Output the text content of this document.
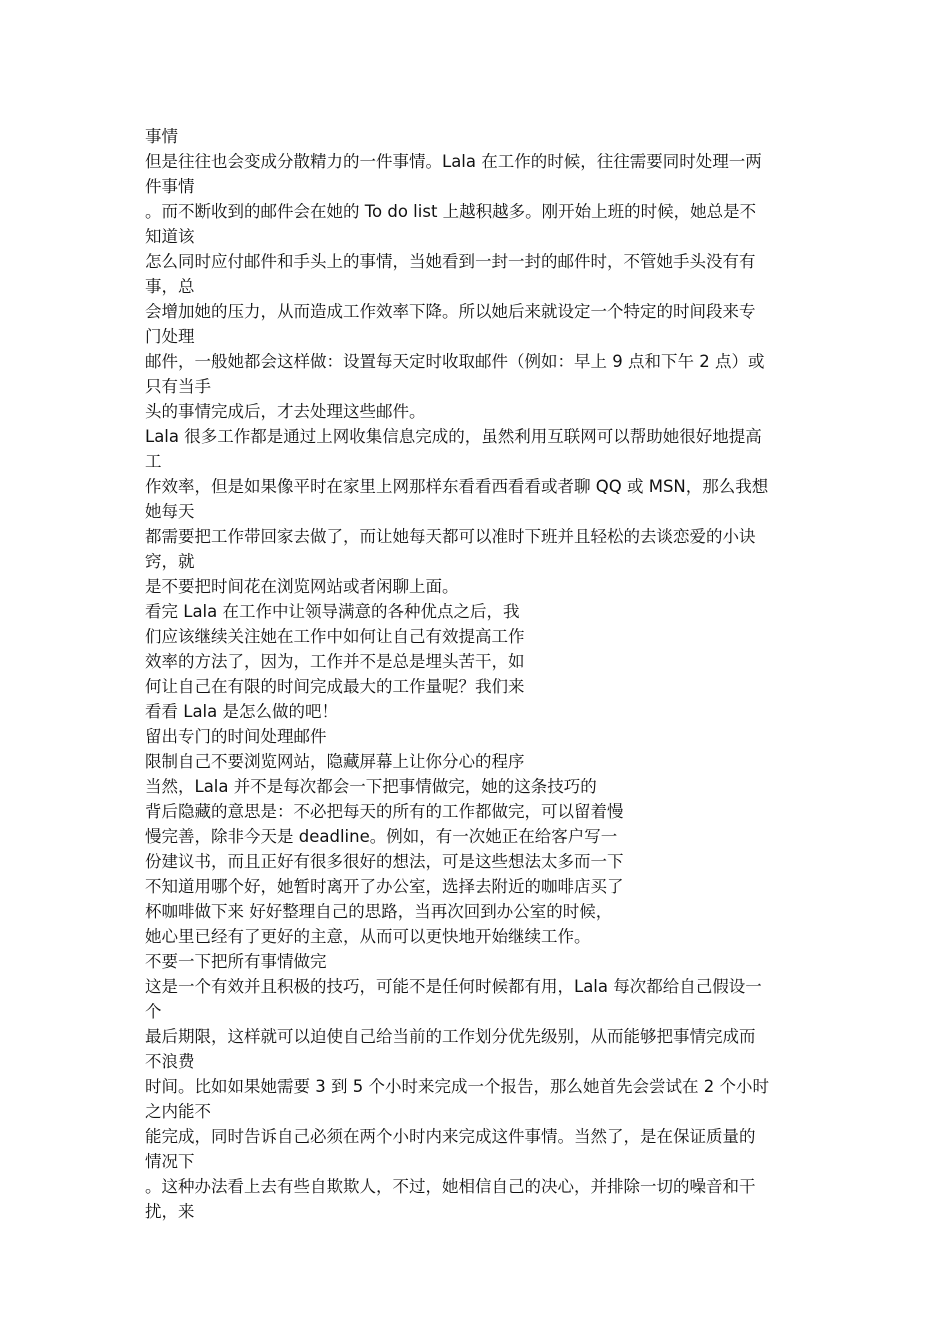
事情
但是往往也会变成分散精力的一件事情。Lala 在工作的时候，往往需要同时处理一两
件事情
。而不断收到的邮件会在她的 To do list 上越积越多。刚开始上班的时候，她总是不
知道该
怎么同时应付邮件和手头上的事情，当她看到一封一封的邮件时，不管她手头没有有
事，总
会增加她的压力，从而造成工作效率下降。所以她后来就设定一个特定的时间段来专
门处理
邮件，一般她都会这样做：设置每天定时收取邮件（例如：早上 9 点和下午 2 点）或
只有当手
头的事情完成后，才去处理这些邮件。
Lala 很多工作都是通过上网收集信息完成的，虽然利用互联网可以帮助她很好地提高
工
作效率，但是如果像平时在家里上网那样东看看西看看或者聊 QQ 或 MSN，那么我想
她每天
都需要把工作带回家去做了，而让她每天都可以准时下班并且轻松的去谈恋爱的小诀
窍，就
是不要把时间花在浏览网站或者闲聊上面。
看完 Lala 在工作中让领导满意的各种优点之后，我
们应该继续关注她在工作中如何让自己有效提高工作
效率的方法了，因为，工作并不是总是埋头苦干，如
何让自己在有限的时间完成最大的工作量呢？我们来
看看 Lala 是怎么做的吧！
留出专门的时间处理邮件
限制自己不要浏览网站，隐藏屏幕上让你分心的程序
当然，Lala 并不是每次都会一下把事情做完，她的这条技巧的
背后隐藏的意思是：不必把每天的所有的工作都做完，可以留着慢
慢完善，除非今天是 deadline。例如，有一次她正在给客户写一
份建议书，而且正好有很多很好的想法，可是这些想法太多而一下
不知道用哪个好，她暂时离开了办公室，选择去附近的咖啡店买了
杯咖啡做下来 好好整理自己的思路，当再次回到办公室的时候，
她心里已经有了更好的主意，从而可以更快地开始继续工作。
不要一下把所有事情做完
这是一个有效并且积极的技巧，可能不是任何时候都有用，Lala 每次都给自己假设一
个
最后期限，这样就可以迫使自己给当前的工作划分优先级别，从而能够把事情完成而
不浪费
时间。比如如果她需要 3 到 5 个小时来完成一个报告，那么她首先会尝试在 2 个小时
之内能不
能完成，同时告诉自己必须在两个小时内来完成这件事情。当然了，是在保证质量的
情况下
。这种办法看上去有些自欺欺人，不过，她相信自己的决心，并排除一切的噪音和干
扰，来
